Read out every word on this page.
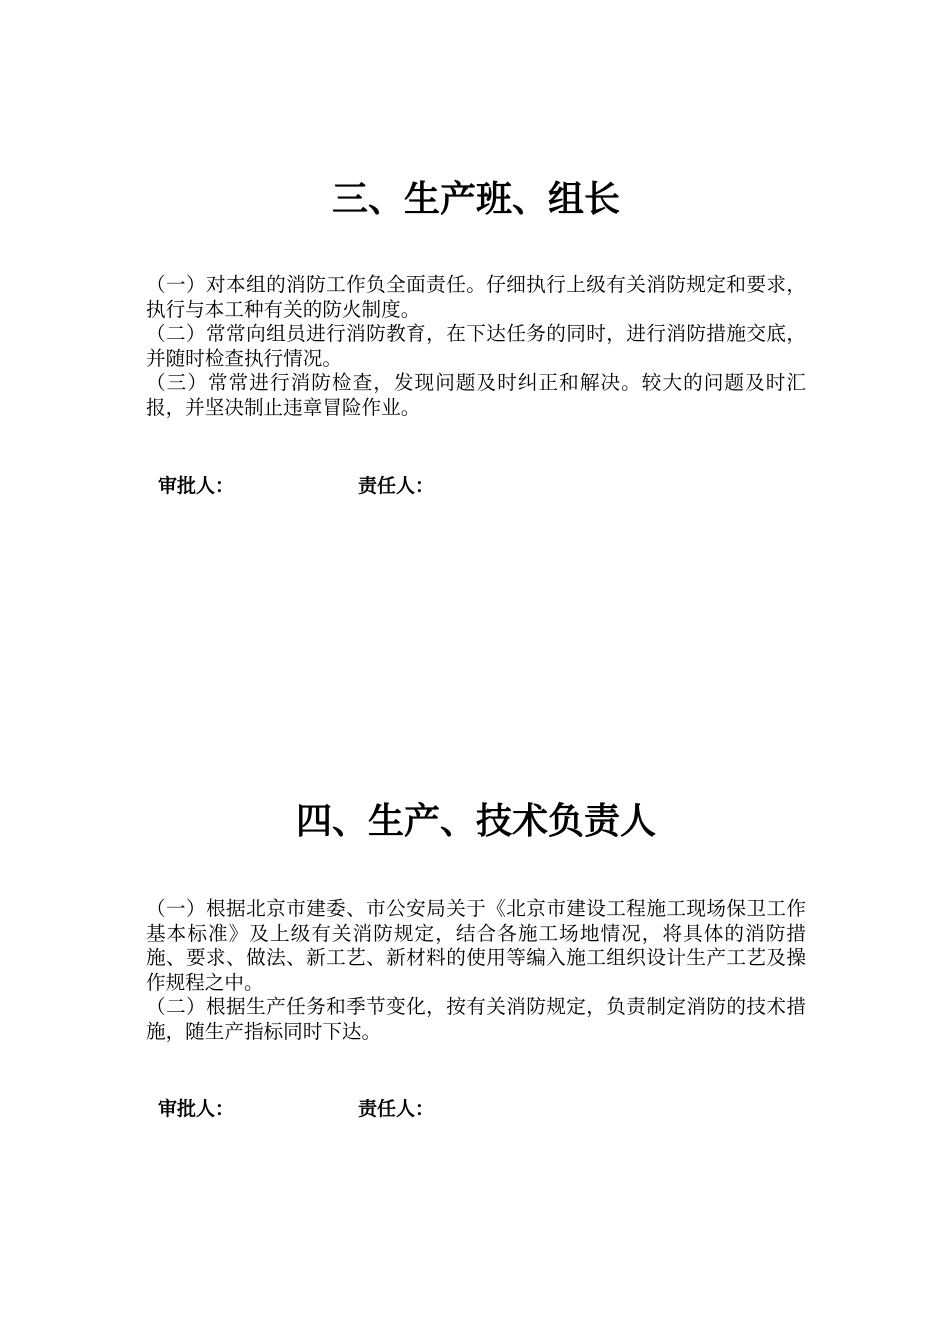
三、生产班、组长

（一）对本组的消防工作负全面责任。仔细执行上级有关消防规定和要求，执行与本工种有关的防火制度。

（二）常常向组员进行消防教育，在下达任务的同时，进行消防措施交底，并随时检查执行情况。

（三）常常进行消防检查，发现问题及时纠正和解决。较大的问题及时汇报，并坚决制止违章冒险作业。

审批人：	责任人：
四、生产、技术负责人

（一）根据北京市建委、市公安局关于《北京市建设工程施工现场保卫工作基本标准》及上级有关消防规定，结合各施工场地情况，将具体的消防措施、要求、做法、新工艺、新材料的使用等编入施工组织设计生产工艺及操作规程之中。

（二）根据生产任务和季节变化，按有关消防规定，负责制定消防的技术措施，随生产指标同时下达。

审批人：	责任人：
